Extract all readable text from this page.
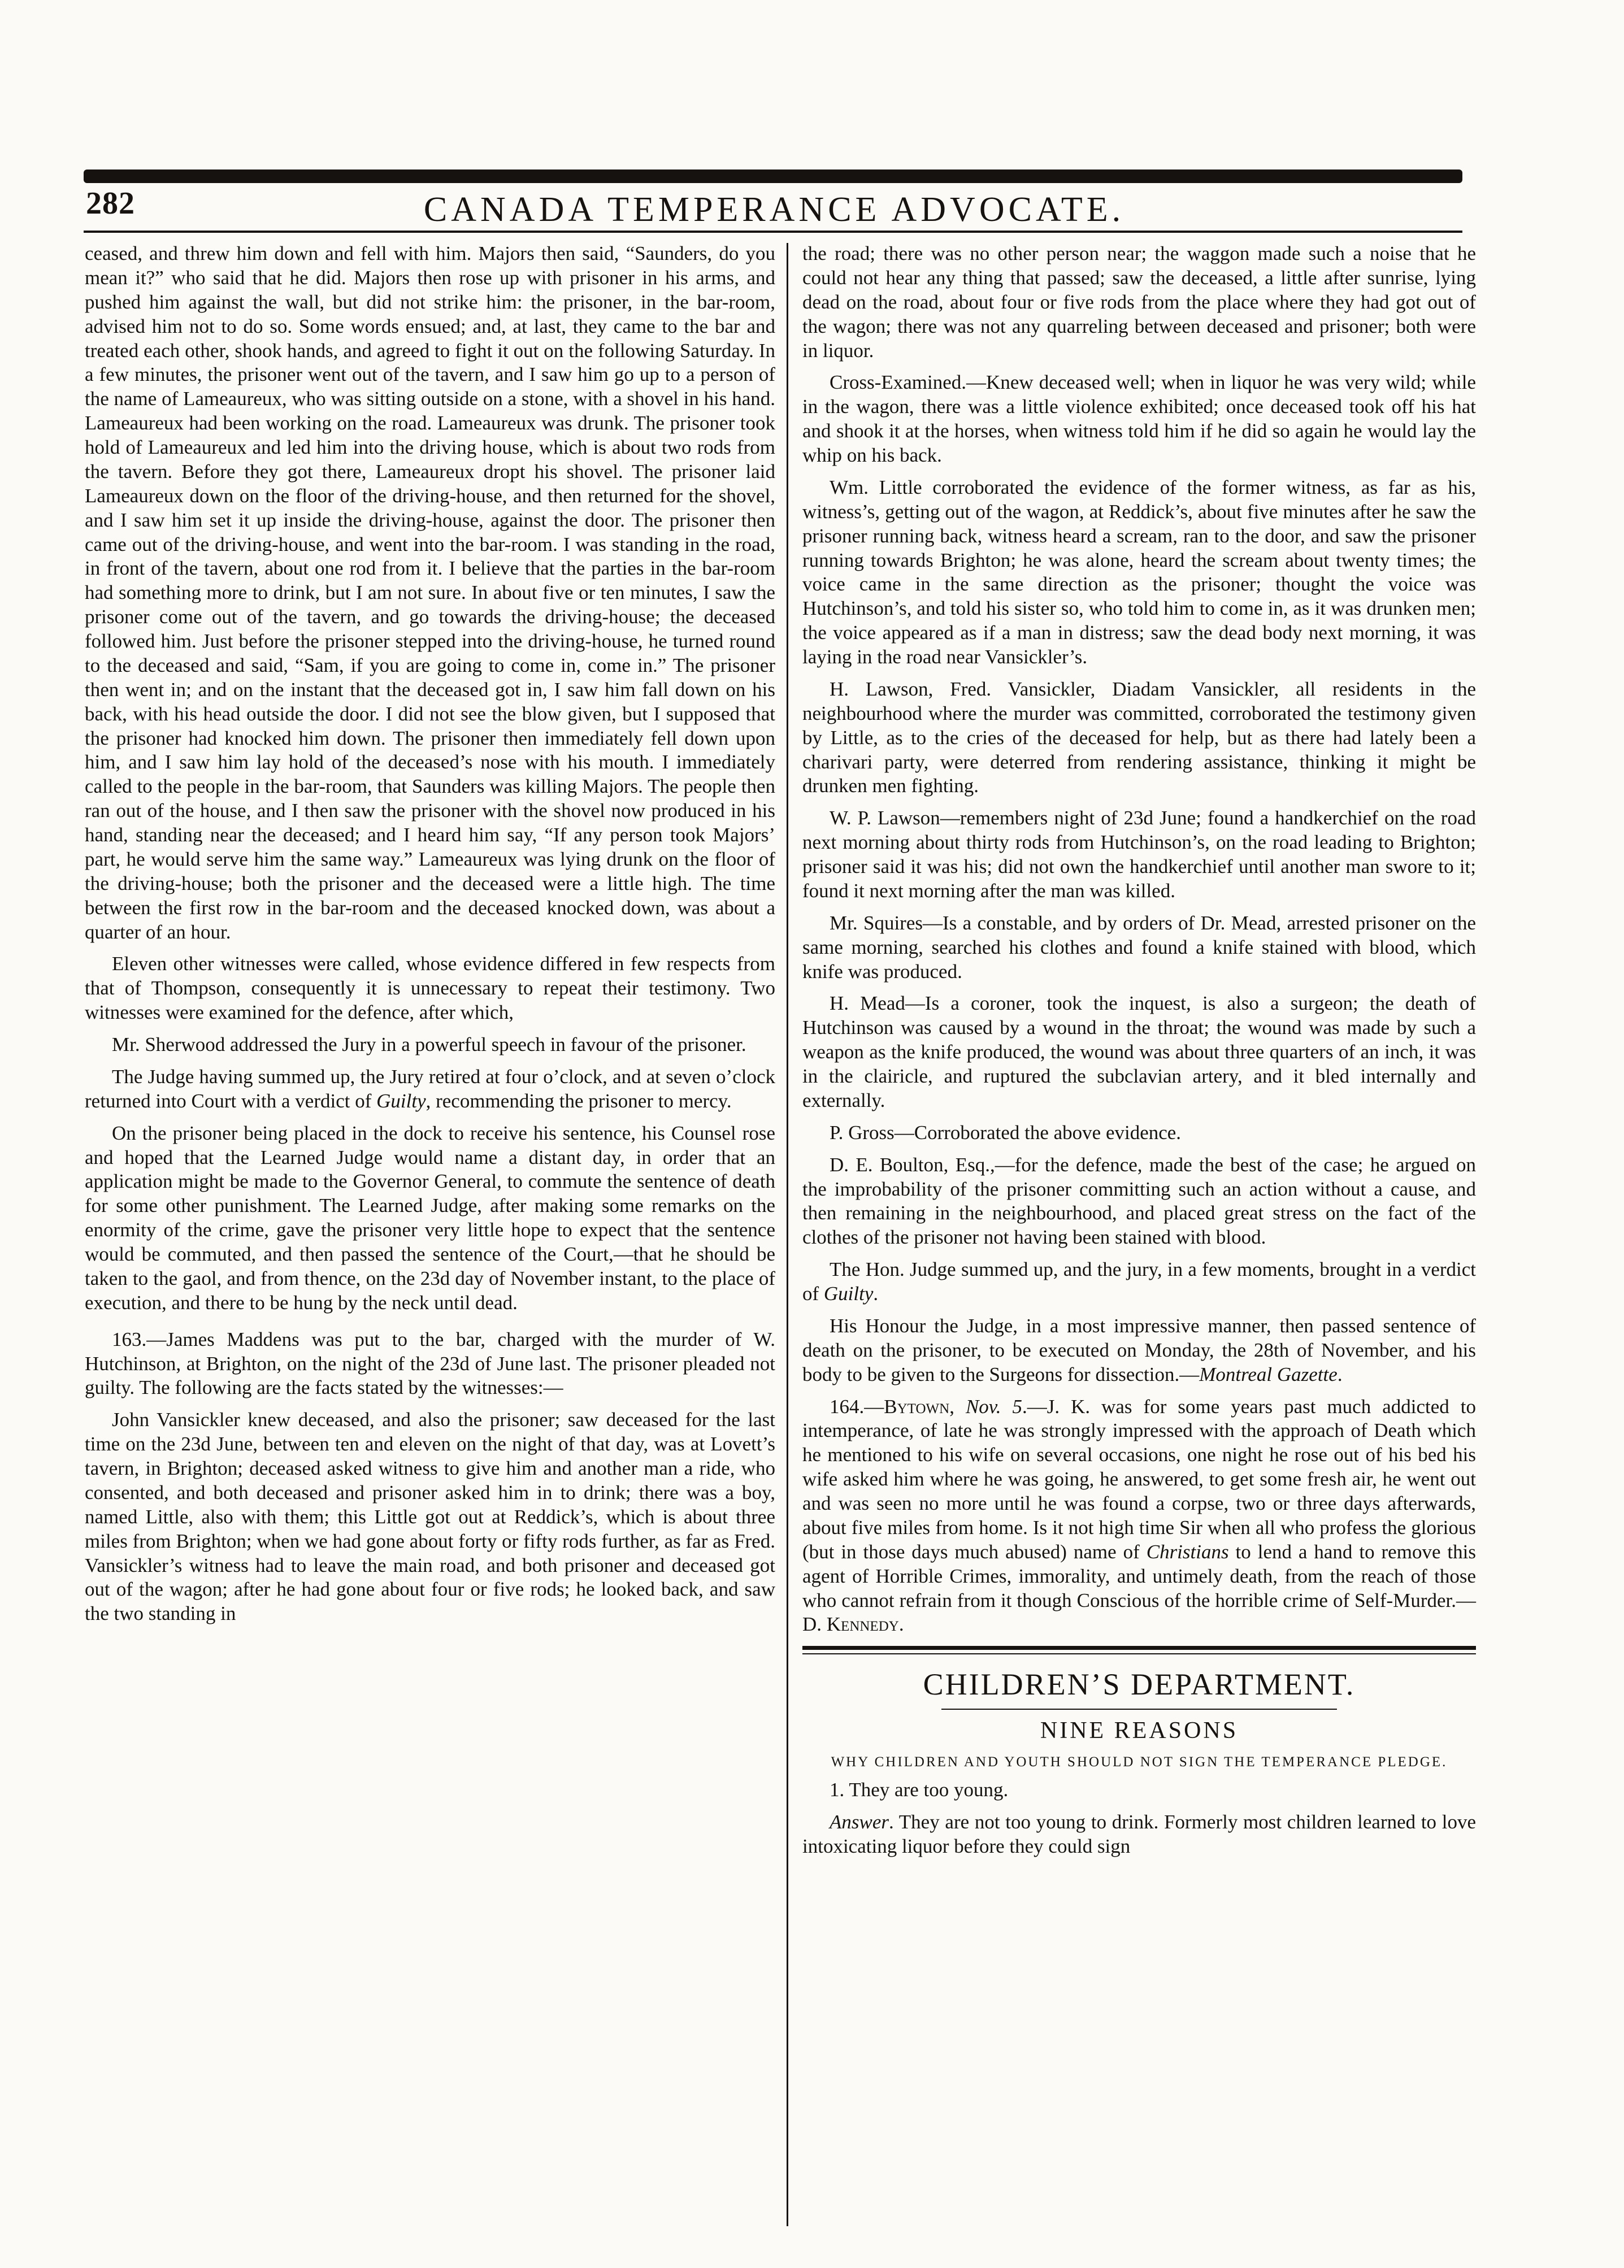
282	CANADA TEMPERANCE ADVOCATE.

ceased, and threw him down and fell with him. Majors then said, “Saunders, do you mean it?” who said that he did. Majors then rose up with prisoner in his arms, and pushed him against the wall, but did not strike him: the prisoner, in the bar-room, advised him not to do so. Some words ensued; and, at last, they came to the bar and treated each other, shook hands, and agreed to fight it out on the following Saturday. In a few minutes, the prisoner went out of the tavern, and I saw him go up to a person of the name of Lameaureux, who was sitting outside on a stone, with a shovel in his hand. Lameaureux had been working on the road. Lameaureux was drunk. The prisoner took hold of Lameaureux and led him into the driving house, which is about two rods from the tavern. Before they got there, Lameaureux dropt his shovel. The prisoner laid Lameaureux down on the floor of the driving-house, and then returned for the shovel, and I saw him set it up inside the driving-house, against the door. The prisoner then came out of the driving-house, and went into the bar-room. I was standing in the road, in front of the tavern, about one rod from it. I believe that the parties in the bar-room had something more to drink, but I am not sure. In about five or ten minutes, I saw the prisoner come out of the tavern, and go towards the driving-house; the deceased followed him. Just before the prisoner stepped into the driving-house, he turned round to the deceased and said, “Sam, if you are going to come in, come in.” The prisoner then went in; and on the instant that the deceased got in, I saw him fall down on his back, with his head outside the door. I did not see the blow given, but I supposed that the prisoner had knocked him down. The prisoner then immediately fell down upon him, and I saw him lay hold of the deceased’s nose with his mouth. I immediately called to the people in the bar-room, that Saunders was killing Majors. The people then ran out of the house, and I then saw the prisoner with the shovel now produced in his hand, standing near the deceased; and I heard him say, “If any person took Majors’ part, he would serve him the same way.” Lameaureux was lying drunk on the floor of the driving-house; both the prisoner and the deceased were a little high. The time between the first row in the bar-room and the deceased knocked down, was about a quarter of an hour.

Eleven other witnesses were called, whose evidence differed in few respects from that of Thompson, consequently it is unnecessary to repeat their testimony. Two witnesses were examined for the defence, after which,

Mr. Sherwood addressed the Jury in a powerful speech in favour of the prisoner.

The Judge having summed up, the Jury retired at four o’clock, and at seven o’clock returned into Court with a verdict of Guilty, recommending the prisoner to mercy.

On the prisoner being placed in the dock to receive his sentence, his Counsel rose and hoped that the Learned Judge would name a distant day, in order that an application might be made to the Governor General, to commute the sentence of death for some other punishment. The Learned Judge, after making some remarks on the enormity of the crime, gave the prisoner very little hope to expect that the sentence would be commuted, and then passed the sentence of the Court,—that he should be taken to the gaol, and from thence, on the 23d day of November instant, to the place of execution, and there to be hung by the neck until dead.

163.—James Maddens was put to the bar, charged with the murder of W. Hutchinson, at Brighton, on the night of the 23d of June last. The prisoner pleaded not guilty. The following are the facts stated by the witnesses:—

John Vansickler knew deceased, and also the prisoner; saw deceased for the last time on the 23d June, between ten and eleven on the night of that day, was at Lovett’s tavern, in Brighton; deceased asked witness to give him and another man a ride, who consented, and both deceased and prisoner asked him in to drink; there was a boy, named Little, also with them; this Little got out at Reddick’s, which is about three miles from Brighton; when we had gone about forty or fifty rods further, as far as Fred. Vansickler’s witness had to leave the main road, and both prisoner and deceased got out of the wagon; after he had gone about four or five rods; he looked back, and saw the two standing in

the road; there was no other person near; the waggon made such a noise that he could not hear any thing that passed; saw the deceased, a little after sunrise, lying dead on the road, about four or five rods from the place where they had got out of the wagon; there was not any quarreling between deceased and prisoner; both were in liquor.

Cross-Examined.—Knew deceased well; when in liquor he was very wild; while in the wagon, there was a little violence exhibited; once deceased took off his hat and shook it at the horses, when witness told him if he did so again he would lay the whip on his back.

Wm. Little corroborated the evidence of the former witness, as far as his, witness’s, getting out of the wagon, at Reddick’s, about five minutes after he saw the prisoner running back, witness heard a scream, ran to the door, and saw the prisoner running towards Brighton; he was alone, heard the scream about twenty times; the voice came in the same direction as the prisoner; thought the voice was Hutchinson’s, and told his sister so, who told him to come in, as it was drunken men; the voice appeared as if a man in distress; saw the dead body next morning, it was laying in the road near Vansickler’s.

H. Lawson, Fred. Vansickler, Diadam Vansickler, all residents in the neighbourhood where the murder was committed, corroborated the testimony given by Little, as to the cries of the deceased for help, but as there had lately been a charivari party, were deterred from rendering assistance, thinking it might be drunken men fighting.

W. P. Lawson—remembers night of 23d June; found a handkerchief on the road next morning about thirty rods from Hutchinson’s, on the road leading to Brighton; prisoner said it was his; did not own the handkerchief until another man swore to it; found it next morning after the man was killed.

Mr. Squires—Is a constable, and by orders of Dr. Mead, arrested prisoner on the same morning, searched his clothes and found a knife stained with blood, which knife was produced.

H. Mead—Is a coroner, took the inquest, is also a surgeon; the death of Hutchinson was caused by a wound in the throat; the wound was made by such a weapon as the knife produced, the wound was about three quarters of an inch, it was in the clairicle, and ruptured the subclavian artery, and it bled internally and externally.

P. Gross—Corroborated the above evidence.

D. E. Boulton, Esq.,—for the defence, made the best of the case; he argued on the improbability of the prisoner committing such an action without a cause, and then remaining in the neighbourhood, and placed great stress on the fact of the clothes of the prisoner not having been stained with blood.

The Hon. Judge summed up, and the jury, in a few moments, brought in a verdict of Guilty.

His Honour the Judge, in a most impressive manner, then passed sentence of death on the prisoner, to be executed on Monday, the 28th of November, and his body to be given to the Surgeons for dissection.—Montreal Gazette.

164.—Bytown, Nov. 5.—J. K. was for some years past much addicted to intemperance, of late he was strongly impressed with the approach of Death which he mentioned to his wife on several occasions, one night he rose out of his bed his wife asked him where he was going, he answered, to get some fresh air, he went out and was seen no more until he was found a corpse, two or three days afterwards, about five miles from home. Is it not high time Sir when all who profess the glorious (but in those days much abused) name of Christians to lend a hand to remove this agent of Horrible Crimes, immorality, and untimely death, from the reach of those who cannot refrain from it though Conscious of the horrible crime of Self-Murder.—D. Kennedy.

CHILDREN’S DEPARTMENT.
NINE REASONS
WHY CHILDREN AND YOUTH SHOULD NOT SIGN THE TEMPERANCE PLEDGE.

1. They are too young.

Answer. They are not too young to drink. Formerly most children learned to love intoxicating liquor before they could sign
